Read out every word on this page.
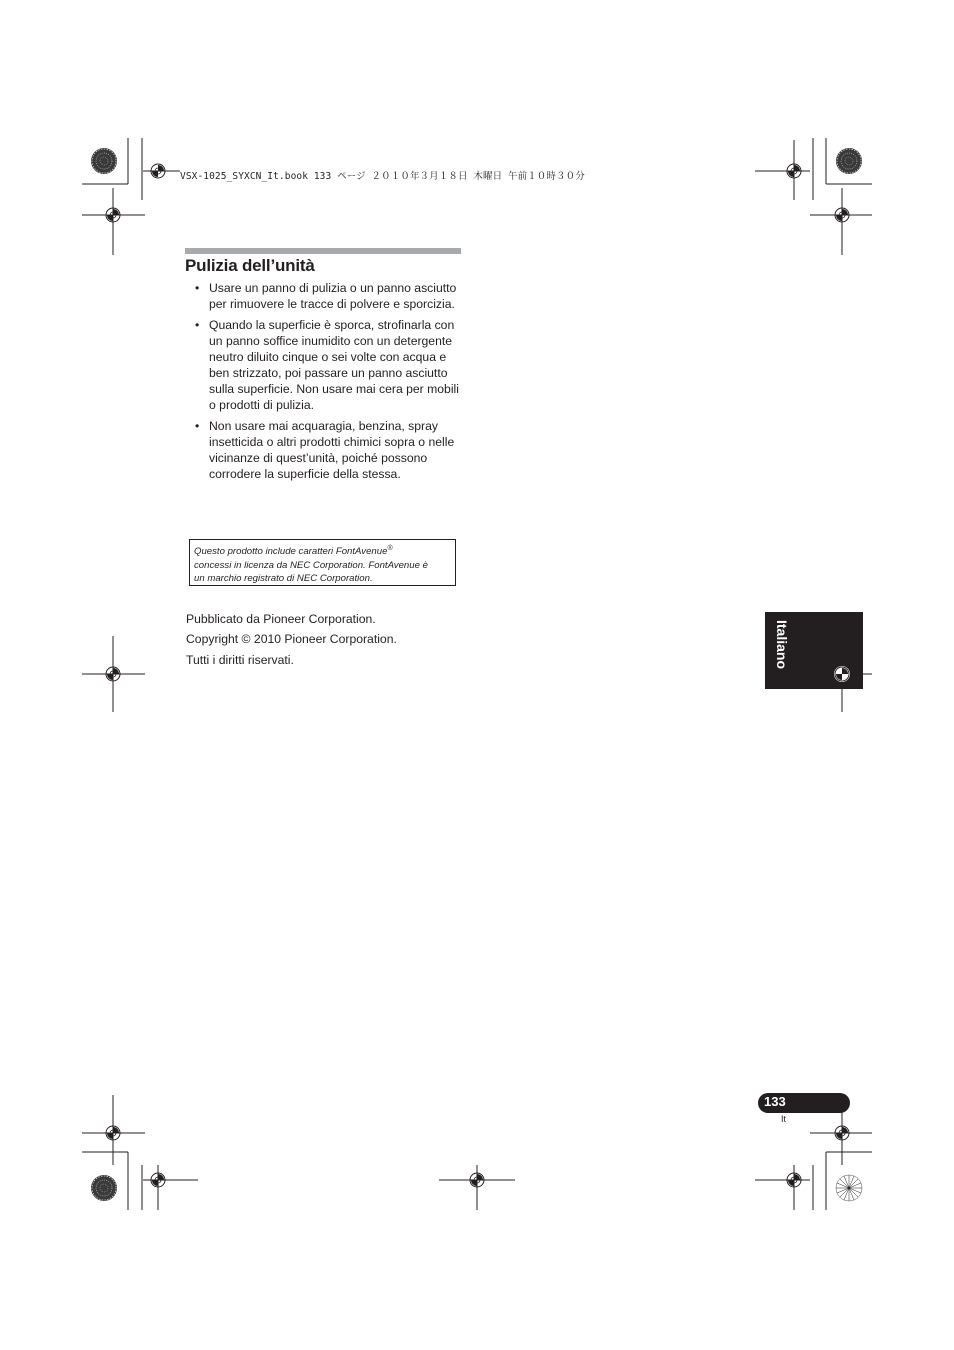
VSX-1025_SYXCN_It.book 133 ページ ２０１０年３月１８日 木曜日 午前１０時３０分
Pulizia dell’unità
• Usare un panno di pulizia o un panno asciutto per rimuovere le tracce di polvere e sporcizia.
• Quando la superficie è sporca, strofinarla con un panno soffice inumidito con un detergente neutro diluito cinque o sei volte con acqua e ben strizzato, poi passare un panno asciutto sulla superficie. Non usare mai cera per mobili o prodotti di pulizia.
• Non usare mai acquaragia, benzina, spray insetticida o altri prodotti chimici sopra o nelle vicinanze di quest’unità, poiché possono corrodere la superficie della stessa.
Questo prodotto include caratteri FontAvenue®
concessi in licenza da NEC Corporation. FontAvenue è
un marchio registrato di NEC Corporation.
Pubblicato da Pioneer Corporation.
Copyright © 2010 Pioneer Corporation.
Tutti i diritti riservati.	Italiano
133
It
